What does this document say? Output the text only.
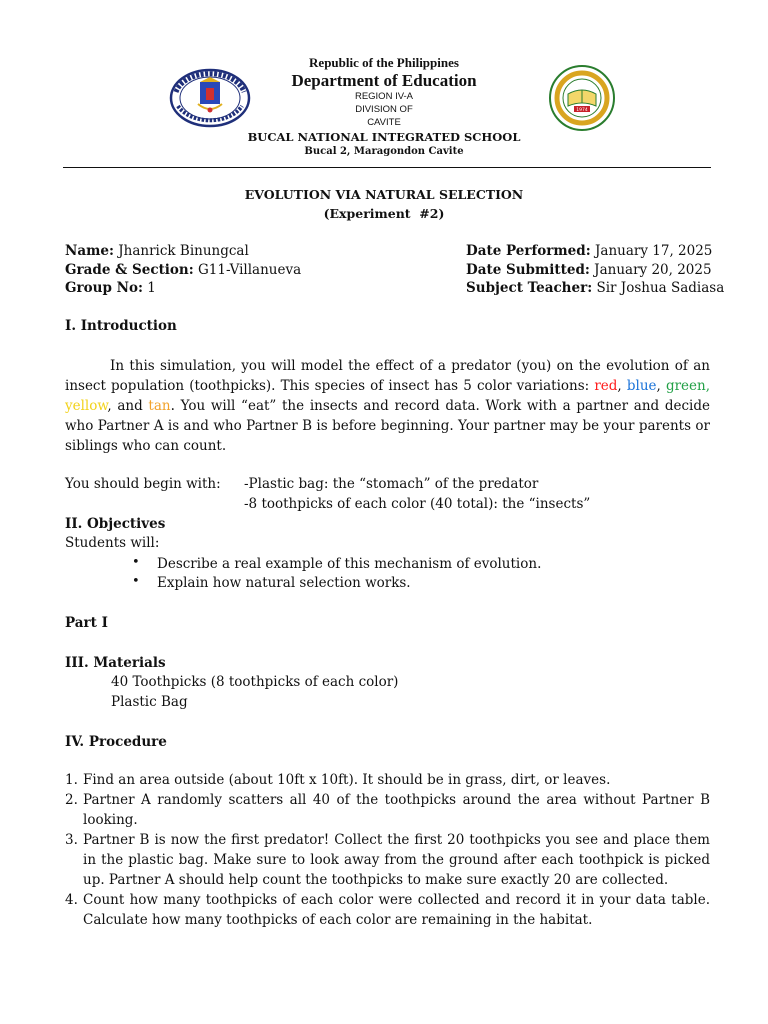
1974
Republic of the Philippines
Department of Education
REGION IV-A
DIVISION OF
CAVITE
BUCAL NATIONAL INTEGRATED SCHOOL
Bucal 2, Maragondon Cavite
EVOLUTION VIA NATURAL SELECTION
(Experiment  #2)
Name: Jhanrick Binungcal
Grade & Section: G11-Villanueva
Group No: 1
Date Performed: January 17, 2025
Date Submitted: January 20, 2025
Subject Teacher: Sir Joshua Sadiasa
I. Introduction
In this simulation, you will model the effect of a predator (you) on the evolution of an insect population (toothpicks). This species of insect has 5 color variations: red, blue, green, yellow, and tan. You will “eat” the insects and record data. Work with a partner and decide who Partner A is and who Partner B is before beginning. Your partner may be your parents or siblings who can count.
You should begin with: -Plastic bag: the “stomach” of the predator
-8 toothpicks of each color (40 total): the “insects”
II. Objectives
Students will:
• Describe a real example of this mechanism of evolution.
• Explain how natural selection works.
Part I
III. Materials
40 Toothpicks (8 toothpicks of each color)
Plastic Bag
IV. Procedure
1. Find an area outside (about 10ft x 10ft). It should be in grass, dirt, or leaves.
2. Partner A randomly scatters all 40 of the toothpicks around the area without Partner B looking.
3. Partner B is now the first predator! Collect the first 20 toothpicks you see and place them in the plastic bag. Make sure to look away from the ground after each toothpick is picked up. Partner A should help count the toothpicks to make sure exactly 20 are collected.
4. Count how many toothpicks of each color were collected and record it in your data table. Calculate how many toothpicks of each color are remaining in the habitat.
